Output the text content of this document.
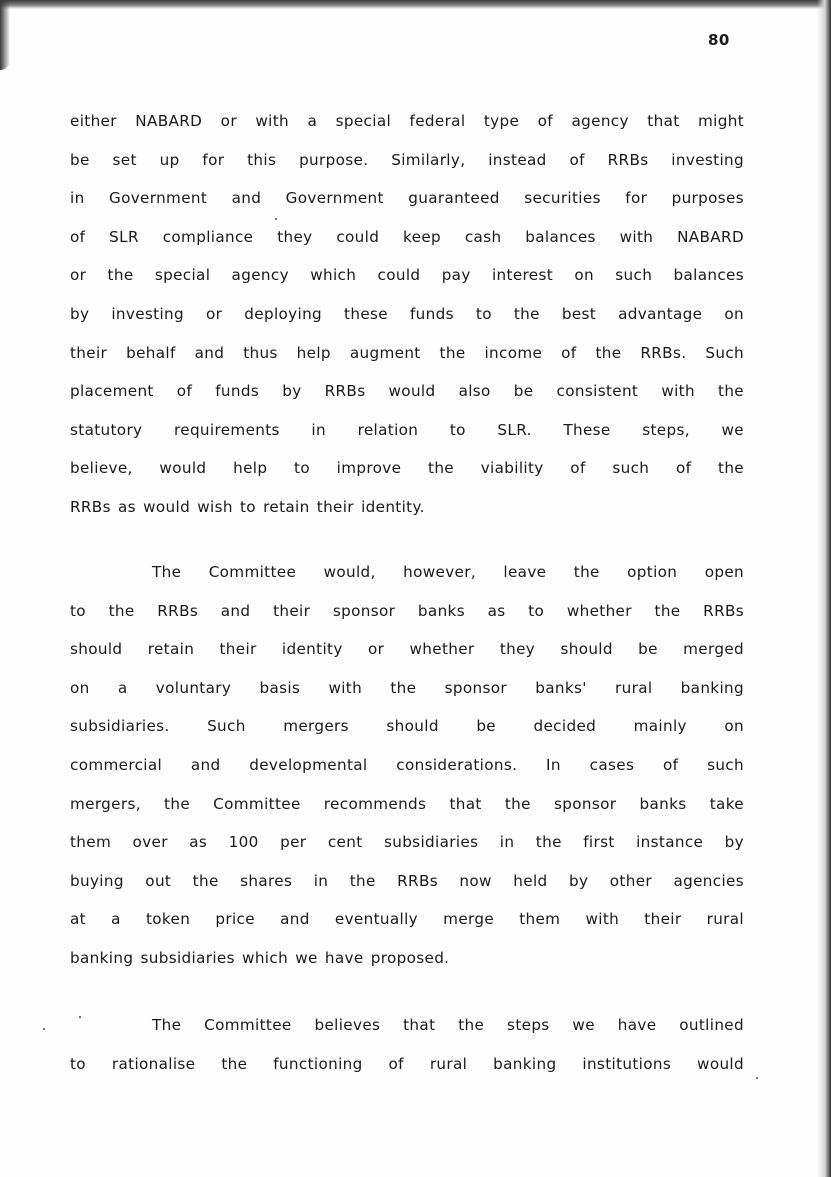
80
either NABARD or with a special federal type of agency that might
be set up for this purpose. Similarly, instead of RRBs investing
in Government and Government guaranteed securities for purposes
of SLR compliance they could keep cash balances with NABARD
or the special agency which could pay interest on such balances
by investing or deploying these funds to the best advantage on
their behalf and thus help augment the income of the RRBs. Such
placement of funds by RRBs would also be consistent with the
statutory requirements in relation to SLR. These steps, we
believe, would help to improve the viability of such of the
RRBs as would wish to retain their identity.
The Committee would, however, leave the option open
to the RRBs and their sponsor banks as to whether the RRBs
should retain their identity or whether they should be merged
on a voluntary basis with the sponsor banks' rural banking
subsidiaries. Such mergers should be decided mainly on
commercial and developmental considerations. In cases of such
mergers, the Committee recommends that the sponsor banks take
them over as 100 per cent subsidiaries in the first instance by
buying out the shares in the RRBs now held by other agencies
at a token price and eventually merge them with their rural
banking subsidiaries which we have proposed.
The Committee believes that the steps we have outlined
to rationalise the functioning of rural banking institutions would
